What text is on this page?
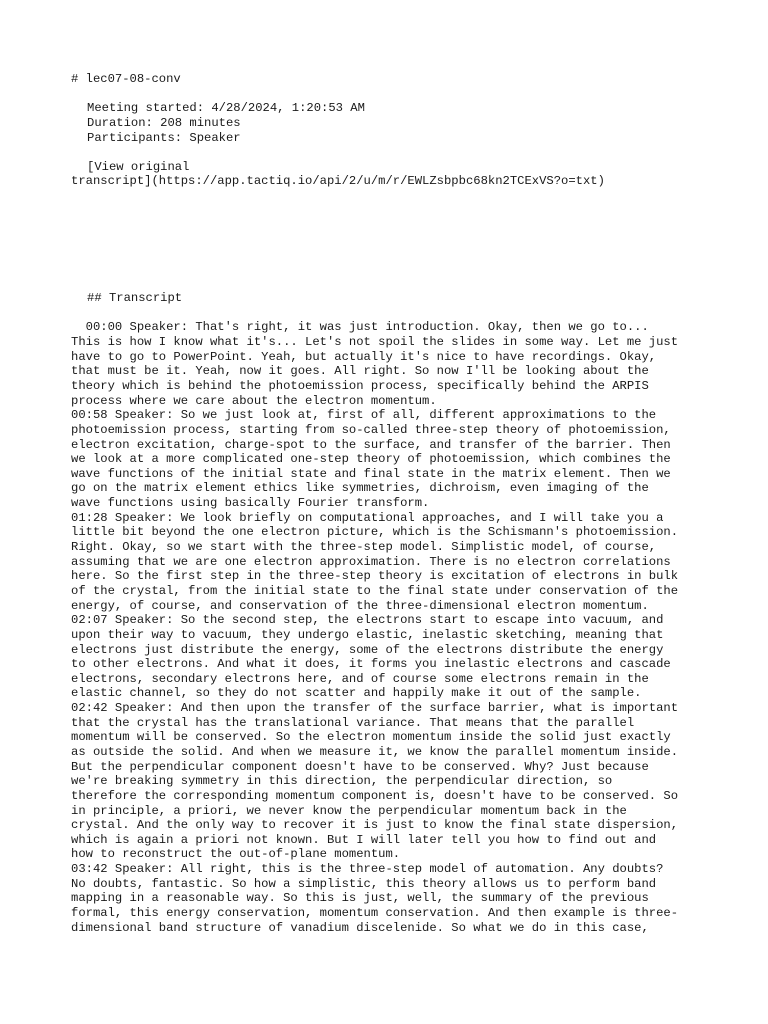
# lec07-08-conv
Meeting started: 4/28/2024, 1:20:53 AM
Duration: 208 minutes
Participants: Speaker
[View original
transcript](https://app.tactiq.io/api/2/u/m/r/EWLZsbpbc68kn2TCExVS?o=txt)
## Transcript
00:00 Speaker: That's right, it was just introduction. Okay, then we go to...
This is how I know what it's... Let's not spoil the slides in some way. Let me just
have to go to PowerPoint. Yeah, but actually it's nice to have recordings. Okay,
that must be it. Yeah, now it goes. All right. So now I'll be looking about the
theory which is behind the photoemission process, specifically behind the ARPIS
process where we care about the electron momentum.
00:58 Speaker: So we just look at, first of all, different approximations to the
photoemission process, starting from so-called three-step theory of photoemission,
electron excitation, charge-spot to the surface, and transfer of the barrier. Then
we look at a more complicated one-step theory of photoemission, which combines the
wave functions of the initial state and final state in the matrix element. Then we
go on the matrix element ethics like symmetries, dichroism, even imaging of the
wave functions using basically Fourier transform.
01:28 Speaker: We look briefly on computational approaches, and I will take you a
little bit beyond the one electron picture, which is the Schismann's photoemission.
Right. Okay, so we start with the three-step model. Simplistic model, of course,
assuming that we are one electron approximation. There is no electron correlations
here. So the first step in the three-step theory is excitation of electrons in bulk
of the crystal, from the initial state to the final state under conservation of the
energy, of course, and conservation of the three-dimensional electron momentum.
02:07 Speaker: So the second step, the electrons start to escape into vacuum, and
upon their way to vacuum, they undergo elastic, inelastic sketching, meaning that
electrons just distribute the energy, some of the electrons distribute the energy
to other electrons. And what it does, it forms you inelastic electrons and cascade
electrons, secondary electrons here, and of course some electrons remain in the
elastic channel, so they do not scatter and happily make it out of the sample.
02:42 Speaker: And then upon the transfer of the surface barrier, what is important
that the crystal has the translational variance. That means that the parallel
momentum will be conserved. So the electron momentum inside the solid just exactly
as outside the solid. And when we measure it, we know the parallel momentum inside.
But the perpendicular component doesn't have to be conserved. Why? Just because
we're breaking symmetry in this direction, the perpendicular direction, so
therefore the corresponding momentum component is, doesn't have to be conserved. So
in principle, a priori, we never know the perpendicular momentum back in the
crystal. And the only way to recover it is just to know the final state dispersion,
which is again a priori not known. But I will later tell you how to find out and
how to reconstruct the out-of-plane momentum.
03:42 Speaker: All right, this is the three-step model of automation. Any doubts?
No doubts, fantastic. So how a simplistic, this theory allows us to perform band
mapping in a reasonable way. So this is just, well, the summary of the previous
formal, this energy conservation, momentum conservation. And then example is three-
dimensional band structure of vanadium discelenide. So what we do in this case,
